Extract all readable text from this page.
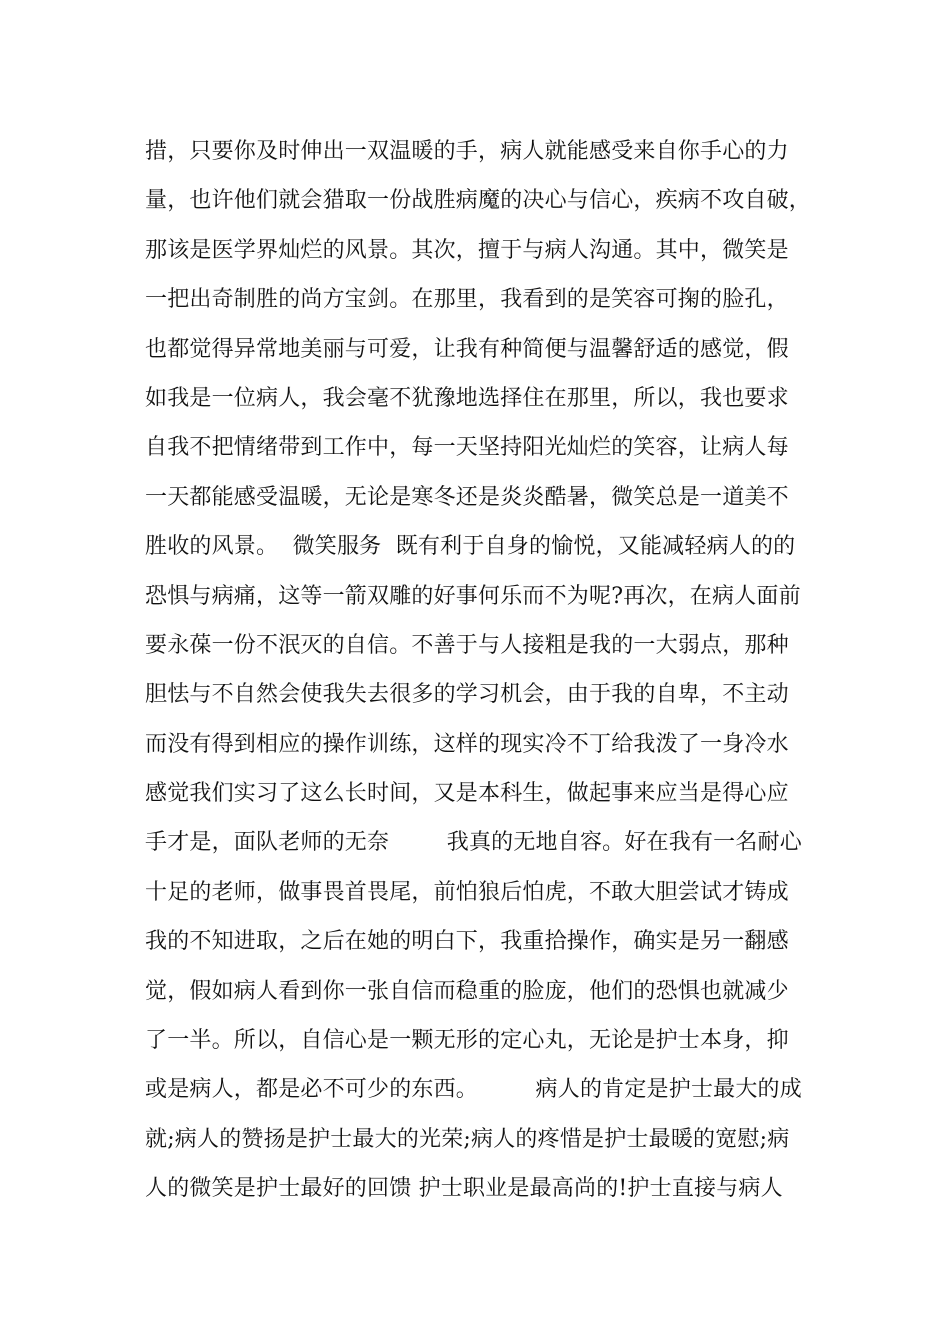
措，只要你及时伸出一双温暖的手，病人就能感受来自你手心的力
量，也许他们就会猎取一份战胜病魔的决心与信心，疾病不攻自破，
那该是医学界灿烂的风景。其次，擅于与病人沟通。其中，微笑是
一把出奇制胜的尚方宝剑。在那里，我看到的是笑容可掬的脸孔，
也都觉得异常地美丽与可爱，让我有种简便与温馨舒适的感觉，假
如我是一位病人，我会毫不犹豫地选择住在那里，所以，我也要求
自我不把情绪带到工作中，每一天坚持阳光灿烂的笑容，让病人每
一天都能感受温暖，无论是寒冬还是炎炎酷暑，微笑总是一道美不
胜收的风景。  微笑服务  既有利于自身的愉悦，又能减轻病人的的
恐惧与病痛，这等一箭双雕的好事何乐而不为呢?再次，在病人面前
要永葆一份不泯灭的自信。不善于与人接粗是我的一大弱点，那种
胆怯与不自然会使我失去很多的学习机会，由于我的自卑，不主动
而没有得到相应的操作训练，这样的现实冷不丁给我泼了一身冷水
感觉我们实习了这么长时间，又是本科生，做起事来应当是得心应
手才是，面队老师的无奈        我真的无地自容。好在我有一名耐心
十足的老师，做事畏首畏尾，前怕狼后怕虎，不敢大胆尝试才铸成
我的不知进取，之后在她的明白下，我重拾操作，确实是另一翻感
觉，假如病人看到你一张自信而稳重的脸庞，他们的恐惧也就减少
了一半。所以，自信心是一颗无形的定心丸，无论是护士本身，抑
或是病人，都是必不可少的东西。        病人的肯定是护士最大的成
就;病人的赞扬是护士最大的光荣;病人的疼惜是护士最暖的宽慰;病
人的微笑是护士最好的回馈 护士职业是最高尚的!护士直接与病人
